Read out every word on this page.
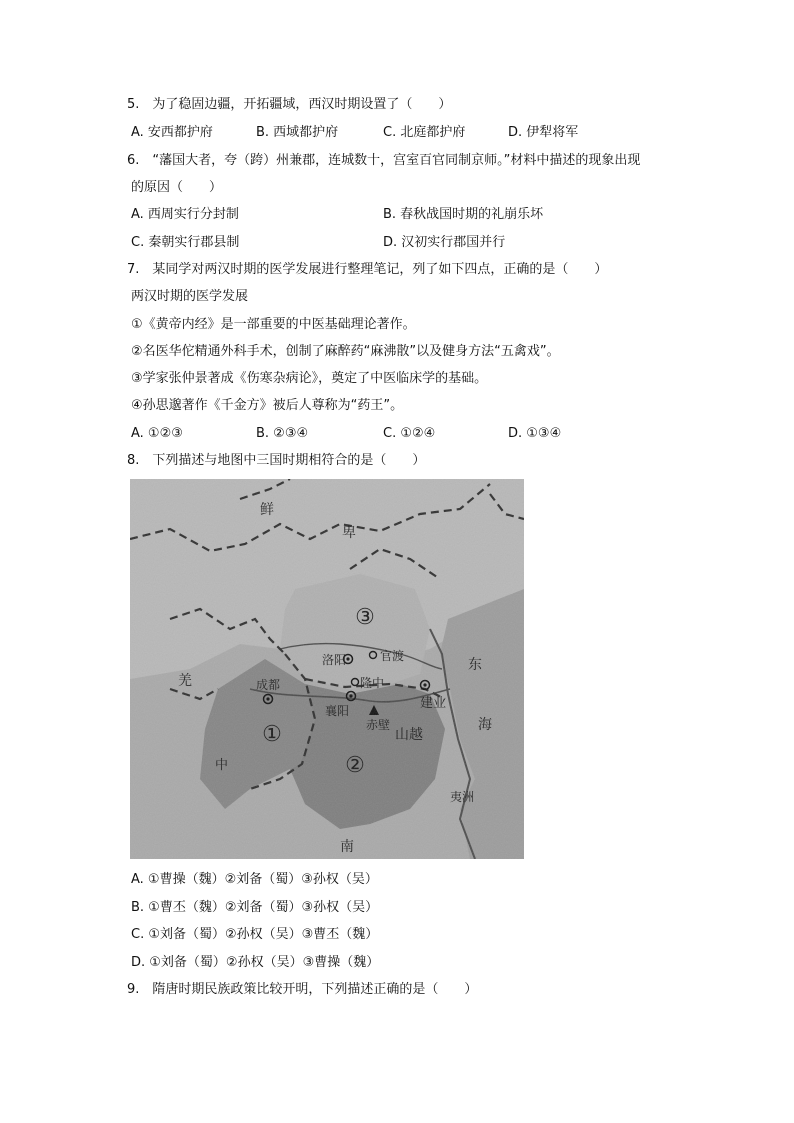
5.　为了稳固边疆，开拓疆域，西汉时期设置了（　　）
A. 安西都护府	B. 西域都护府	C. 北庭都护府	D. 伊犁将军
6.　“藩国大者，夸（跨）州兼郡，连城数十，宫室百官同制京师。”材料中描述的现象出现
的原因（　　）
A. 西周实行分封制	B. 春秋战国时期的礼崩乐坏
C. 秦朝实行郡县制	D. 汉初实行郡国并行
7.　某同学对两汉时期的医学发展进行整理笔记，列了如下四点，正确的是（　　）
两汉时期的医学发展
①《黄帝内经》是一部重要的中医基础理论著作。
②名医华佗精通外科手术，创制了麻醉药“麻沸散”以及健身方法“五禽戏”。
③学家张仲景著成《伤寒杂病论》，奠定了中医临床学的基础。
④孙思邈著作《千金方》被后人尊称为“药王”。
A. ①②③	B. ②③④	C. ①②④	D. ①③④
8.　下列描述与地图中三国时期相符合的是（　　）
A. ①曹操（魏）②刘备（蜀）③孙权（吴）
B. ①曹丕（魏）②刘备（蜀）③孙权（吴）
C. ①刘备（蜀）②孙权（吴）③曹丕（魏）
D. ①刘备（蜀）②孙权（吴）③曹操（魏）
9.　隋唐时期民族政策比较开明，下列描述正确的是（　　）
